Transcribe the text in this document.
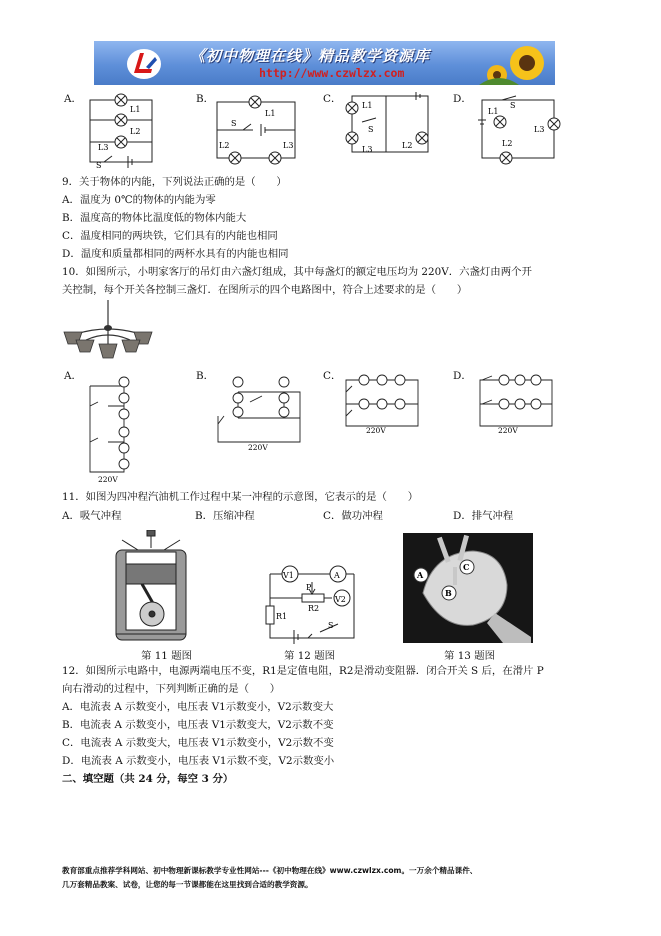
《初中物理在线》精品教学资源库
http://www.czwlzx.com
A．
L1
L2
L3
S
B．
L1
S
L2	L3
C．
L1
S
L3	L2
D．
S
L1
L2
L3
9．关于物体的内能，下列说法正确的是（　　）
A．温度为 0℃的物体的内能为零
B．温度高的物体比温度低的物体内能大
C．温度相同的两块铁，它们具有的内能也相同
D．温度和质量都相同的两杯水具有的内能也相同
10．如图所示，小明家客厅的吊灯由六盏灯组成，其中每盏灯的额定电压均为 220V．六盏灯由两个开
关控制，每个开关各控制三盏灯．在图所示的四个电路图中，符合上述要求的是（　　）
A．
220V
B．
220V
C．
220V
D．
220V
11．如图为四冲程汽油机工作过程中某一冲程的示意图，它表示的是（　　）
A．吸气冲程	B．压缩冲程	C．做功冲程	D．排气冲程
V1	A
P
R2
V2
R1
S
A
B
C
第 11 题图	第 12 题图	第 13 题图
12．如图所示电路中，电源两端电压不变，R1是定值电阻，R2是滑动变阻器．闭合开关 S 后，在滑片 P
向右滑动的过程中，下列判断正确的是（　　）
A．电流表 A 示数变小，电压表 V1示数变小，V2示数变大
B．电流表 A 示数变小，电压表 V1示数变大，V2示数不变
C．电流表 A 示数变大，电压表 V1示数变小，V2示数不变
D．电流表 A 示数变小，电压表 V1示数不变，V2示数变小
二、填空题（共 24 分，每空 3 分）
教育部重点推荐学科网站、初中物理新课标教学专业性网站---《初中物理在线》www.czwlzx.com。一万余个精品课件、
几万套精品教案、试卷，让您的每一节课都能在这里找到合适的教学资源。
